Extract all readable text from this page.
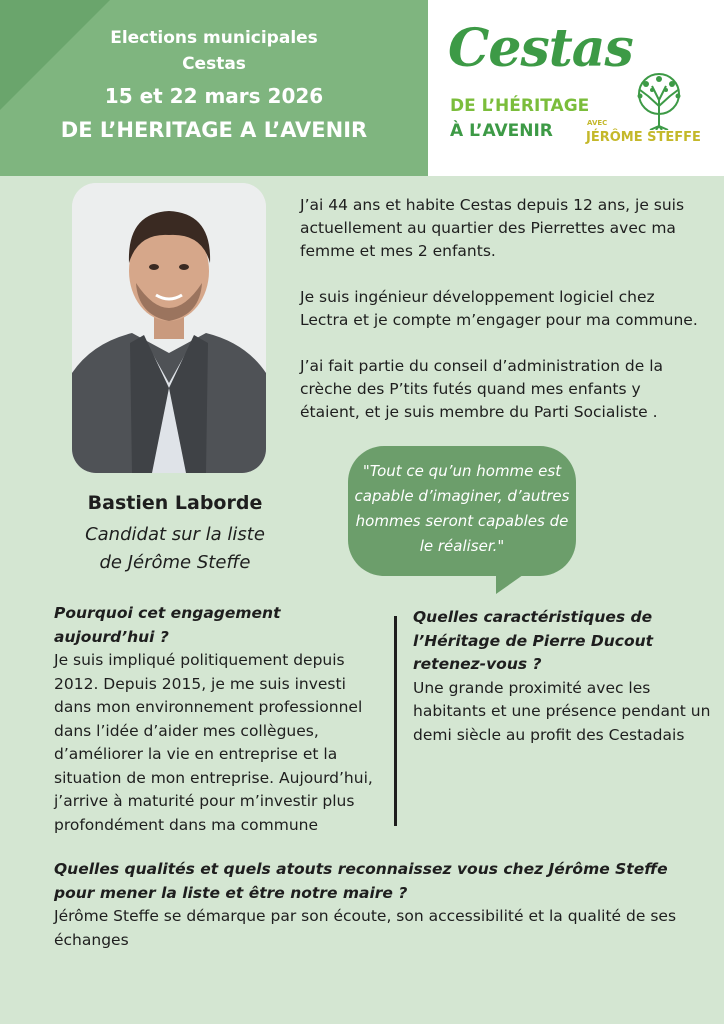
Elections municipales
Cestas
15 et 22 mars 2026
DE L’HERITAGE A L’AVENIR
Cestas
DE L’HÉRITAGE
À L’AVENIR	AVEC
JÉRÔME STEFFE
Bastien Laborde
Candidat sur la liste
de Jérôme Steffe

J’ai 44 ans et habite Cestas depuis 12 ans, je suis actuellement au quartier des Pierrettes avec ma femme et mes 2 enfants.

Je suis ingénieur développement logiciel chez Lectra et je compte m’engager pour ma commune.

J’ai fait partie du conseil d’administration de la crèche des P’tits futés quand mes enfants y étaient, et je suis membre du Parti Socialiste .

"Tout ce qu’un homme est capable d’imaginer, d’autres hommes seront capables de le réaliser."
Pourquoi cet engagement aujourd’hui ?
Je suis impliqué politiquement depuis 2012. Depuis 2015, je me suis investi dans mon environnement professionnel dans l’idée d’aider mes collègues, d’améliorer la vie en entreprise et la situation de mon entreprise. Aujourd’hui, j’arrive à maturité pour m’investir plus profondément dans ma commune
Quelles caractéristiques de l’Héritage de Pierre Ducout retenez-vous ?
Une grande proximité avec les habitants et une présence pendant un demi siècle au profit des Cestadais
Quelles qualités et quels atouts reconnaissez vous chez Jérôme Steffe pour mener la liste et être notre maire ?
Jérôme Steffe se démarque par son écoute, son accessibilité et la qualité de ses échanges
